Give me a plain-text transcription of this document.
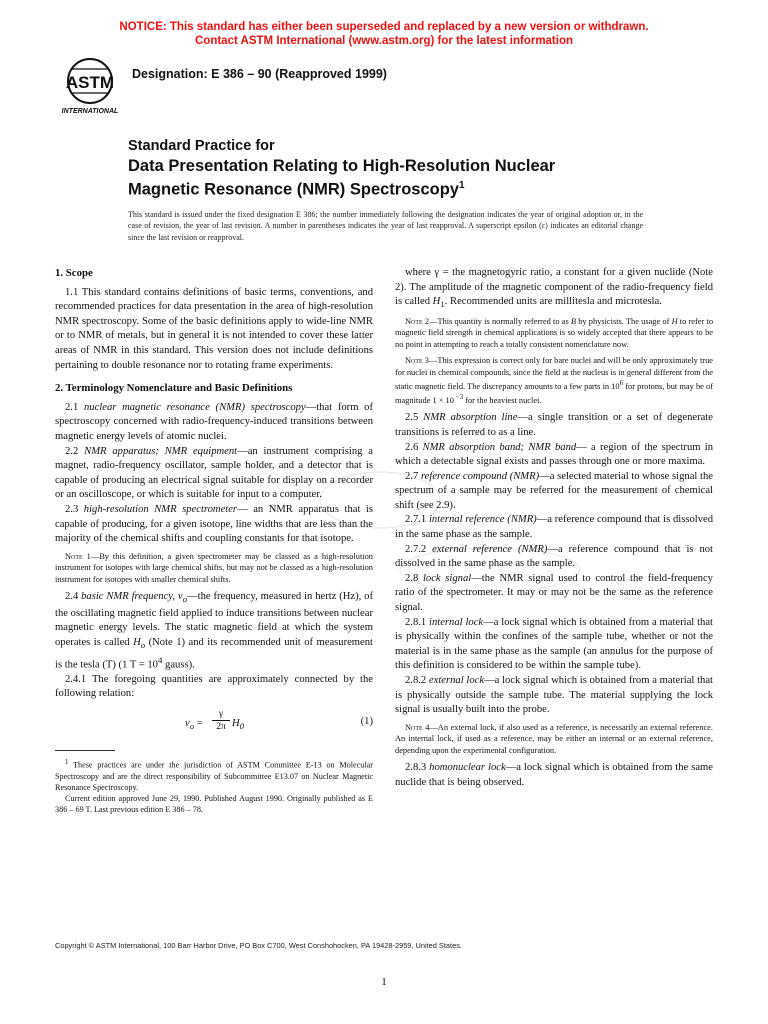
NOTICE: This standard has either been superseded and replaced by a new version or withdrawn.
Contact ASTM International (www.astm.org) for the latest information
ASTM
INTERNATIONAL
Designation: E 386 – 90 (Reapproved 1999)
Standard Practice for
Data Presentation Relating to High-Resolution Nuclear
Magnetic Resonance (NMR) Spectroscopy$^1$
This standard is issued under the fixed designation E 386; the number immediately following the designation indicates the year of original adoption or, in the case of revision, the year of last revision. A number in parentheses indicates the year of last reapproval. A superscript epsilon (ε) indicates an editorial change since the last revision or reapproval.
1. Scope

1.1 This standard contains definitions of basic terms, conventions, and recommended practices for data presentation in the area of high-resolution NMR spectroscopy. Some of the basic definitions apply to wide-line NMR or to NMR of metals, but in general it is not intended to cover these latter areas of NMR in this standard. This version does not include definitions pertaining to double resonance nor to rotating frame experiments.

2. Terminology Nomenclature and Basic Definitions

2.1 nuclear magnetic resonance (NMR) spectroscopy—that form of spectroscopy concerned with radio-frequency-induced transitions between magnetic energy levels of atomic nuclei.

2.2 NMR apparatus; NMR equipment—an instrument comprising a magnet, radio-frequency oscillator, sample holder, and a detector that is capable of producing an electrical signal suitable for display on a recorder or an oscilloscope, or which is suitable for input to a computer.

2.3 high-resolution NMR spectrometer— an NMR apparatus that is capable of producing, for a given isotope, line widths that are less than the majority of the chemical shifts and coupling constants for that isotope.

Note 1—By this definition, a given spectrometer may be classed as a high-resolution instrument for isotopes with large chemical shifts, but may not be classed as a high-resolution instrument for isotopes with smaller chemical shifts.

2.4 basic NMR frequency, $\nu_o—the$ frequency, measured in hertz (Hz), of the oscillating magnetic field applied to induce transitions between nuclear magnetic energy levels. The static magnetic field at which the system operates is called $H_o$ (Note 1) and its recommended unit of measurement is the tesla (T) (1 $T = 10^4$ gauss).

2.4.1 The foregoing quantities are approximately connected by the following relation:

$\nu_o = \frac{\gamma}{2\pi} H_0$	(1)
$^1$ These practices are under the jurisdiction of ASTM Committee E-13 on Molecular Spectroscopy and are the direct responsibility of Subcommittee E13.07 on Nuclear Magnetic Resonance Spectroscopy.
Current edition approved June 29, 1990. Published August 1990. Originally published as E 386 – 69 T. Last previous edition E 386 – 78.

where γ = the magnetogyric ratio, a constant for a given nuclide (Note 2). The amplitude of the magnetic component of the radio-frequency field is called $H_1$. Recommended units are millitesla and microtesla.

Note 2—This quantity is normally referred to as B by physicists. The usage of H to refer to magnetic field strength in chemical applications is so widely accepted that there appears to be no point in attempting to reach a totally consistent nomenclature now.
Note 3—This expression is correct only for bare nuclei and will be only approximately true for nuclei in chemical compounds, since the field at the nucleus is in general different from the static magnetic field. The discrepancy amounts to a few parts in $10^6$ for protons, but may be of magnitude 1 × 10 $^{-3}$ for the heaviest nuclei.

2.5 NMR absorption line—a single transition or a set of degenerate transitions is referred to as a line.

2.6 NMR absorption band; NMR band— a region of the spectrum in which a detectable signal exists and passes through one or more maxima.

2.7 reference compound (NMR)—a selected material to whose signal the spectrum of a sample may be referred for the measurement of chemical shift (see 2.9).

2.7.1 internal reference (NMR)—a reference compound that is dissolved in the same phase as the sample.

2.7.2 external reference (NMR)—a reference compound that is not dissolved in the same phase as the sample.

2.8 lock signal—the NMR signal used to control the field-frequency ratio of the spectrometer. It may or may not be the same as the reference signal.

2.8.1 internal lock—a lock signal which is obtained from a material that is physically within the confines of the sample tube, whether or not the material is in the same phase as the sample (an annulus for the purpose of this definition is considered to be within the sample tube).

2.8.2 external lock—a lock signal which is obtained from a material that is physically outside the sample tube. The material supplying the lock signal is usually built into the probe.

Note 4—An external lock, if also used as a reference, is necessarily an external reference. An internal lock, if used as a reference, may be either an internal or an external reference, depending upon the experimental configuration.

2.8.3 homonuclear lock—a lock signal which is obtained from the same nuclide that is being observed.

Copyright © ASTM International, 100 Barr Harbor Drive, PO Box C700, West Conshohocken, PA 19428-2959, United States.
1
